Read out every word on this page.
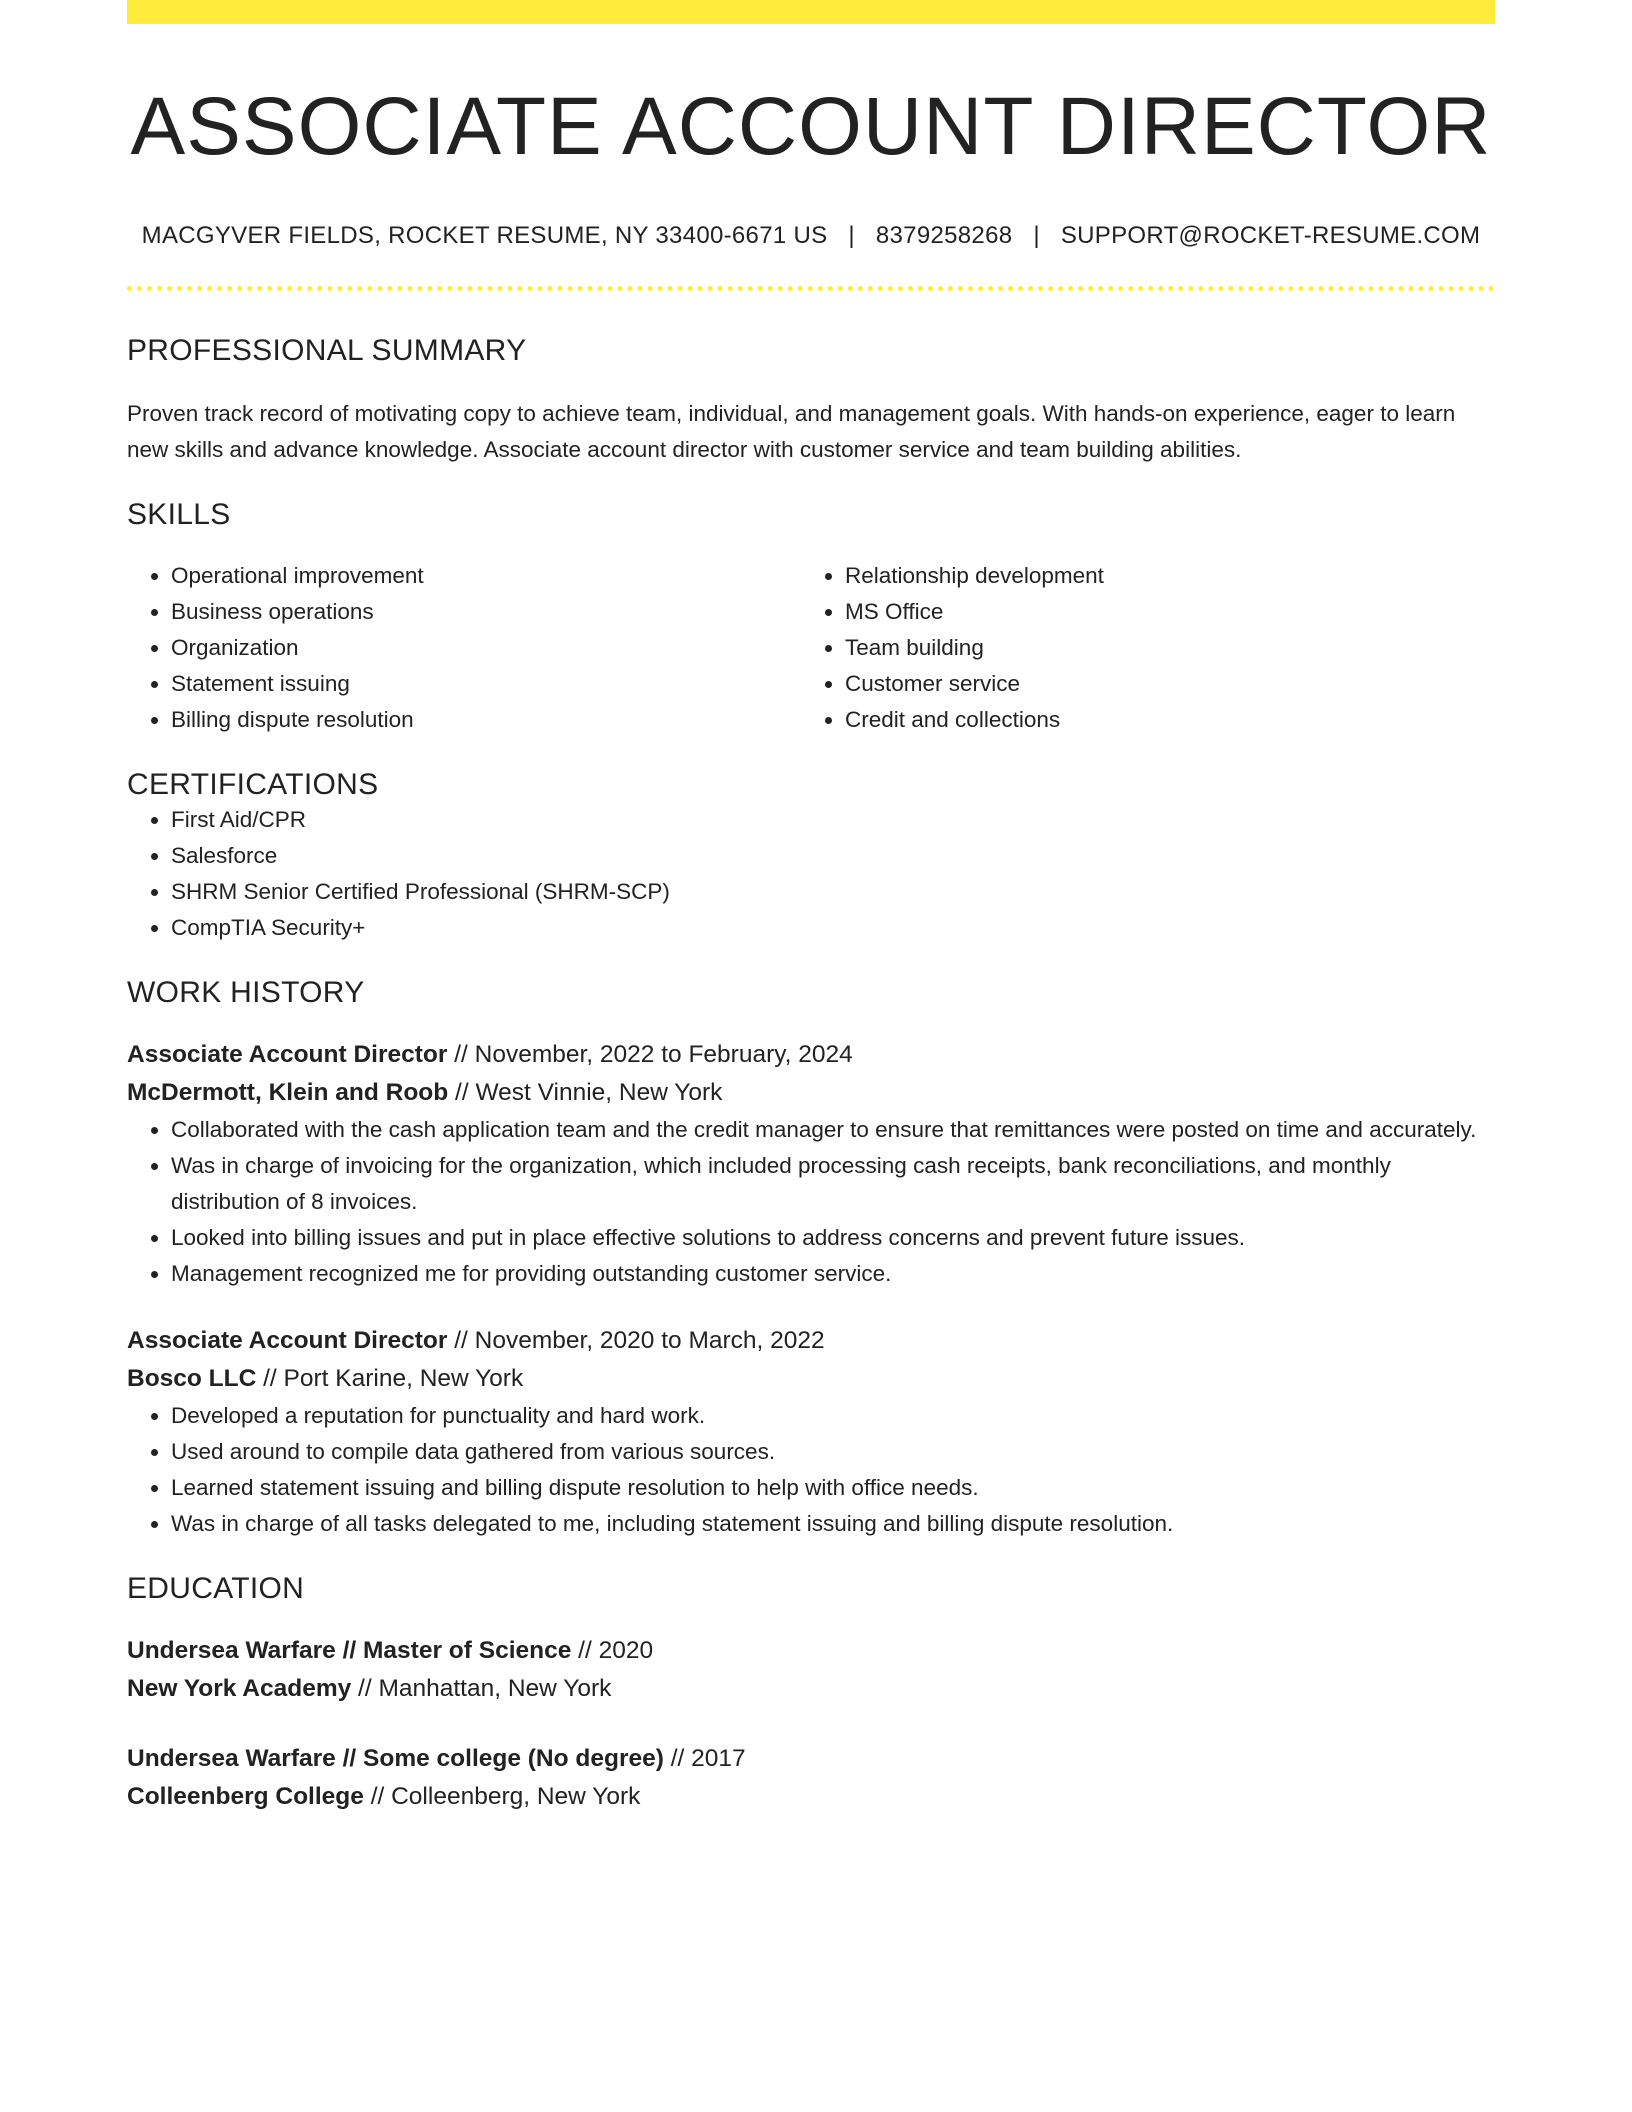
ASSOCIATE ACCOUNT DIRECTOR
MACGYVER FIELDS, ROCKET RESUME, NY 33400-6671 US | 8379258268 | SUPPORT@ROCKET-RESUME.COM
PROFESSIONAL SUMMARY
Proven track record of motivating copy to achieve team, individual, and management goals. With hands-on experience, eager to learn new skills and advance knowledge. Associate account director with customer service and team building abilities.
SKILLS
• Operational improvement
• Business operations
• Organization
• Statement issuing
• Billing dispute resolution
• Relationship development
• MS Office
• Team building
• Customer service
• Credit and collections
CERTIFICATIONS
• First Aid/CPR
• Salesforce
• SHRM Senior Certified Professional (SHRM-SCP)
• CompTIA Security+
WORK HISTORY
Associate Account Director // November, 2022 to February, 2024
McDermott, Klein and Roob // West Vinnie, New York
• Collaborated with the cash application team and the credit manager to ensure that remittances were posted on time and accurately.
• Was in charge of invoicing for the organization, which included processing cash receipts, bank reconciliations, and monthly distribution of 8 invoices.
• Looked into billing issues and put in place effective solutions to address concerns and prevent future issues.
• Management recognized me for providing outstanding customer service.
Associate Account Director // November, 2020 to March, 2022
Bosco LLC // Port Karine, New York
• Developed a reputation for punctuality and hard work.
• Used around to compile data gathered from various sources.
• Learned statement issuing and billing dispute resolution to help with office needs.
• Was in charge of all tasks delegated to me, including statement issuing and billing dispute resolution.
EDUCATION
Undersea Warfare // Master of Science // 2020
New York Academy // Manhattan, New York
Undersea Warfare // Some college (No degree) // 2017
Colleenberg College // Colleenberg, New York
